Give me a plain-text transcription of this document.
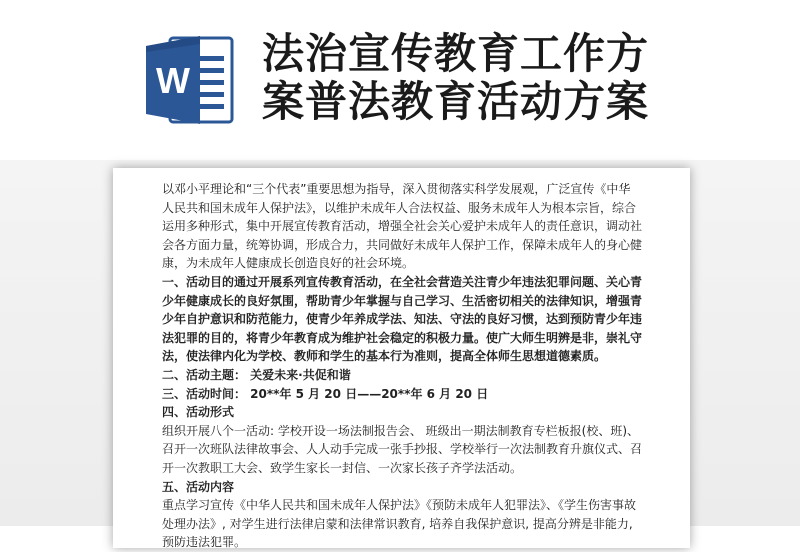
W
法治宣传教育工作方
案普法教育活动方案

以邓小平理论和“三个代表”重要思想为指导，深入贯彻落实科学发展观，广泛宣传《中华人民共和国未成年人保护法》，以维护未成年人合法权益、服务未成年人为根本宗旨，综合运用多种形式，集中开展宣传教育活动，增强全社会关心爱护未成年人的责任意识，调动社会各方面力量，统筹协调，形成合力，共同做好未成年人保护工作，保障未成年人的身心健康，为未成年人健康成长创造良好的社会环境。

一、活动目的通过开展系列宣传教育活动，在全社会营造关注青少年违法犯罪问题、关心青少年健康成长的良好氛围，帮助青少年掌握与自己学习、生活密切相关的法律知识，增强青少年自护意识和防范能力，使青少年养成学法、知法、守法的良好习惯，达到预防青少年违法犯罪的目的，将青少年教育成为维护社会稳定的积极力量。使广大师生明辨是非，崇礼守法，使法律内化为学校、教师和学生的基本行为准则，提高全体师生思想道德素质。

二、活动主题： 关爱未来·共促和谐

三、活动时间： 20**年 5 月 20 日——20**年 6 月 20 日

四、活动形式

组织开展八个一活动: 学校开设一场法制报告会、 班级出一期法制教育专栏板报(校、班)、召开一次班队法律故事会、人人动手完成一张手抄报、学校举行一次法制教育升旗仪式、召开一次教职工大会、致学生家长一封信、一次家长孩子齐学法活动。

五、活动内容

重点学习宣传《中华人民共和国未成年人保护法》《预防未成年人犯罪法》、《学生伤害事故处理办法》, 对学生进行法律启蒙和法律常识教育, 培养自我保护意识, 提高分辨是非能力, 预防违法犯罪。
